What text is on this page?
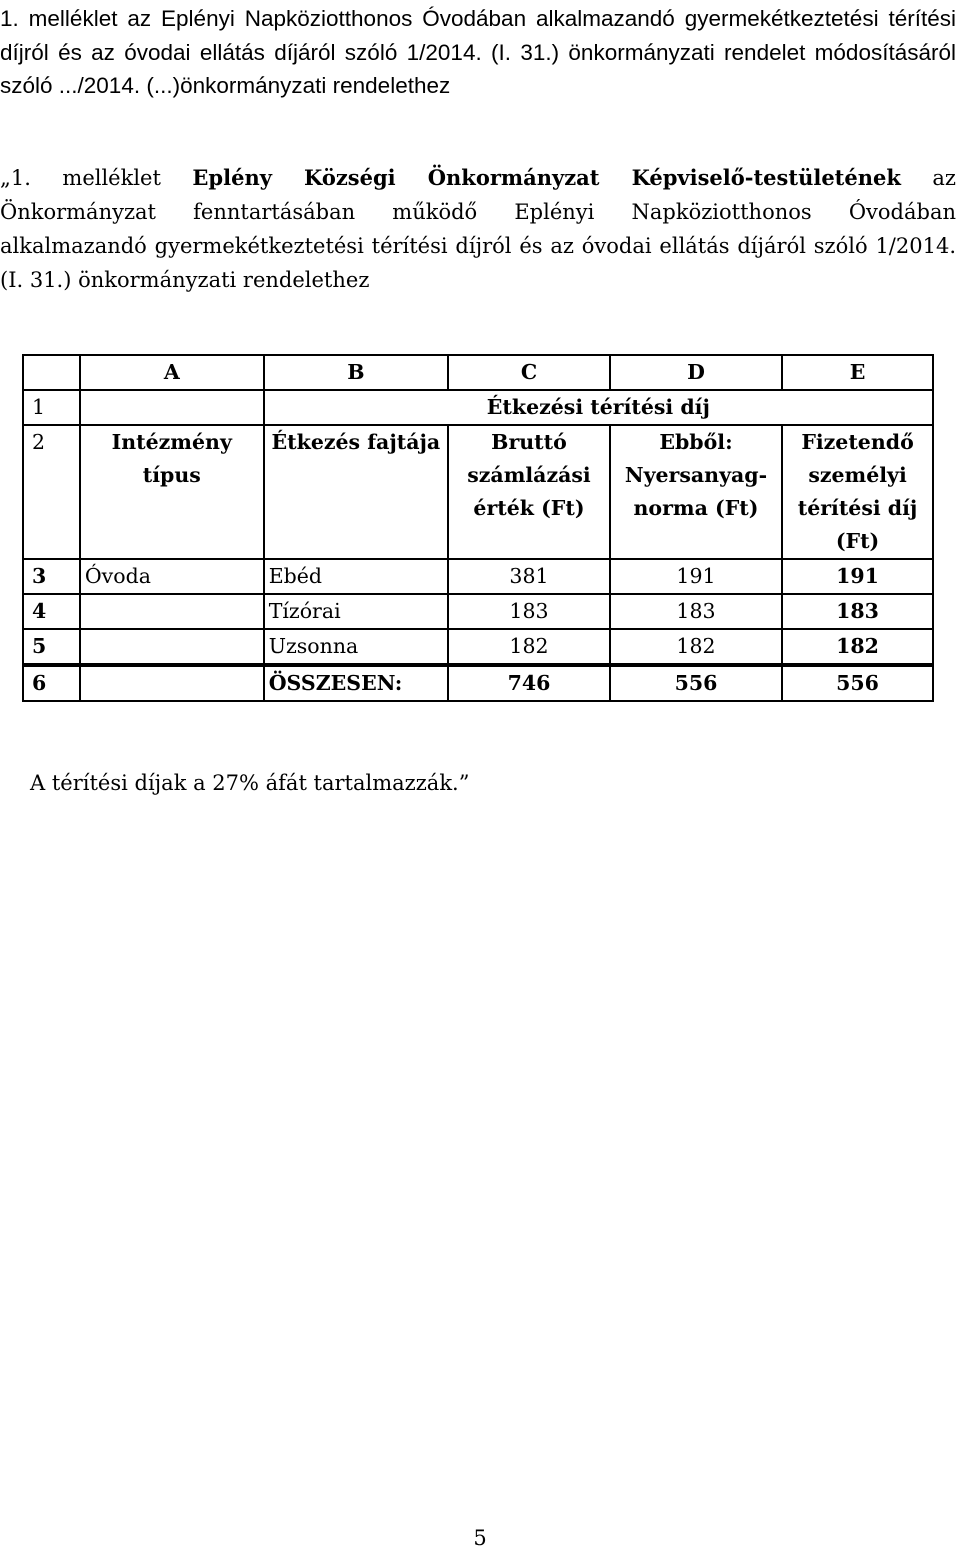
1. melléklet az Eplényi Napköziotthonos Óvodában alkalmazandó gyermekétkeztetési térítési díjról és az óvodai ellátás díjáról szóló 1/2014. (I. 31.) önkormányzati rendelet módosításáról szóló .../2014. (...)önkormányzati rendelethez
„1. melléklet Eplény Községi Önkormányzat Képviselő-testületének az Önkormányzat fenntartásában működő Eplényi Napköziotthonos Óvodában alkalmazandó gyermekétkeztetési térítési díjról és az óvodai ellátás díjáról szóló 1/2014. (I. 31.) önkormányzati rendelethez
	A	B	C	D	E
1		Étkezési térítési díj			
2	Intézmény típus	Étkezés fajtája	Bruttó számlázási érték (Ft)	Ebből: Nyersanyag-norma (Ft)	Fizetendő személyi térítési díj (Ft)
3	Óvoda	Ebéd	381	191	191
4		Tízórai	183	183	183
5		Uzsonna	182	182	182
6		ÖSSZESEN:	746	556	556
A térítési díjak a 27% áfát tartalmazzák.”
5
